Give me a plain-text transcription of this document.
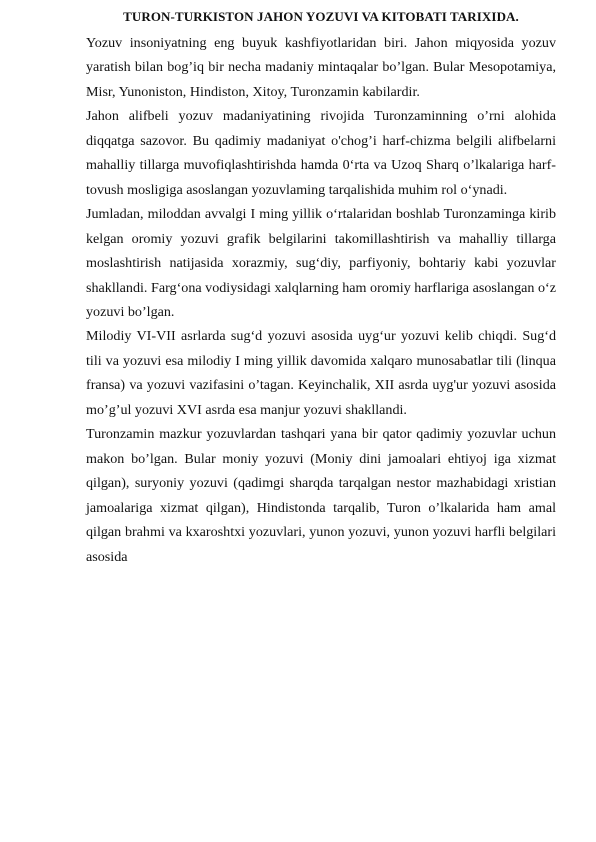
TURON-TURKISTON JAHON YOZUVI VA KITOBATI TARIXIDA.

Yozuv insoniyatning eng buyuk kashfiyotlaridan biri. Jahon miqyosida yozuv yaratish bilan bog’iq bir necha madaniy mintaqalar bo’lgan. Bular Mesopotamiya, Misr, Yunoniston, Hindiston, Xitoy, Turonzamin kabilardir.

Jahon alifbeli yozuv madaniyatining rivojida Turonzaminning o’rni alohida diqqatga sazovor. Bu qadimiy madaniyat o'chog’i harf-chizma belgili alifbelarni mahalliy tillarga muvofiqlashtirishda hamda 0‘rta va Uzoq Sharq o’lkalariga harf-tovush mosligiga asoslangan yozuvlaming tarqalishida muhim rol o‘ynadi.

Jumladan, miloddan avvalgi I ming yillik o‘rtalaridan boshlab Turonzaminga kirib kelgan oromiy yozuvi grafik belgilarini takomillashtirish va mahalliy tillarga moslashtirish natijasida xorazmiy, sug‘diy, parfiyoniy, bohtariy kabi yozuvlar shakllandi. Farg‘ona vodiysidagi xalqlarning ham oromiy harflariga asoslangan o‘z yozuvi bo’lgan.

Milodiy VI-VII asrlarda sug‘d yozuvi asosida uyg‘ur yozuvi kelib chiqdi. Sug‘d tili va yozuvi esa milodiy I ming yillik davomida xalqaro munosabatlar tili (linqua fransa) va yozuvi vazifasini o’tagan. Keyinchalik, XII asrda uyg'ur yozuvi asosida mo’g’ul yozuvi XVI asrda esa manjur yozuvi shakllandi.

Turonzamin mazkur yozuvlardan tashqari yana bir qator qadimiy yozuvlar uchun makon bo’lgan. Bular moniy yozuvi (Moniy dini jamoalari ehtiyoj iga xizmat qilgan), suryoniy yozuvi (qadimgi sharqda tarqalgan nestor mazhabidagi xristian jamoalariga xizmat qilgan), Hindistonda tarqalib, Turon o’lkalarida ham amal qilgan brahmi va kxaroshtxi yozuvlari, yunon yozuvi, yunon yozuvi harfli belgilari asosida
